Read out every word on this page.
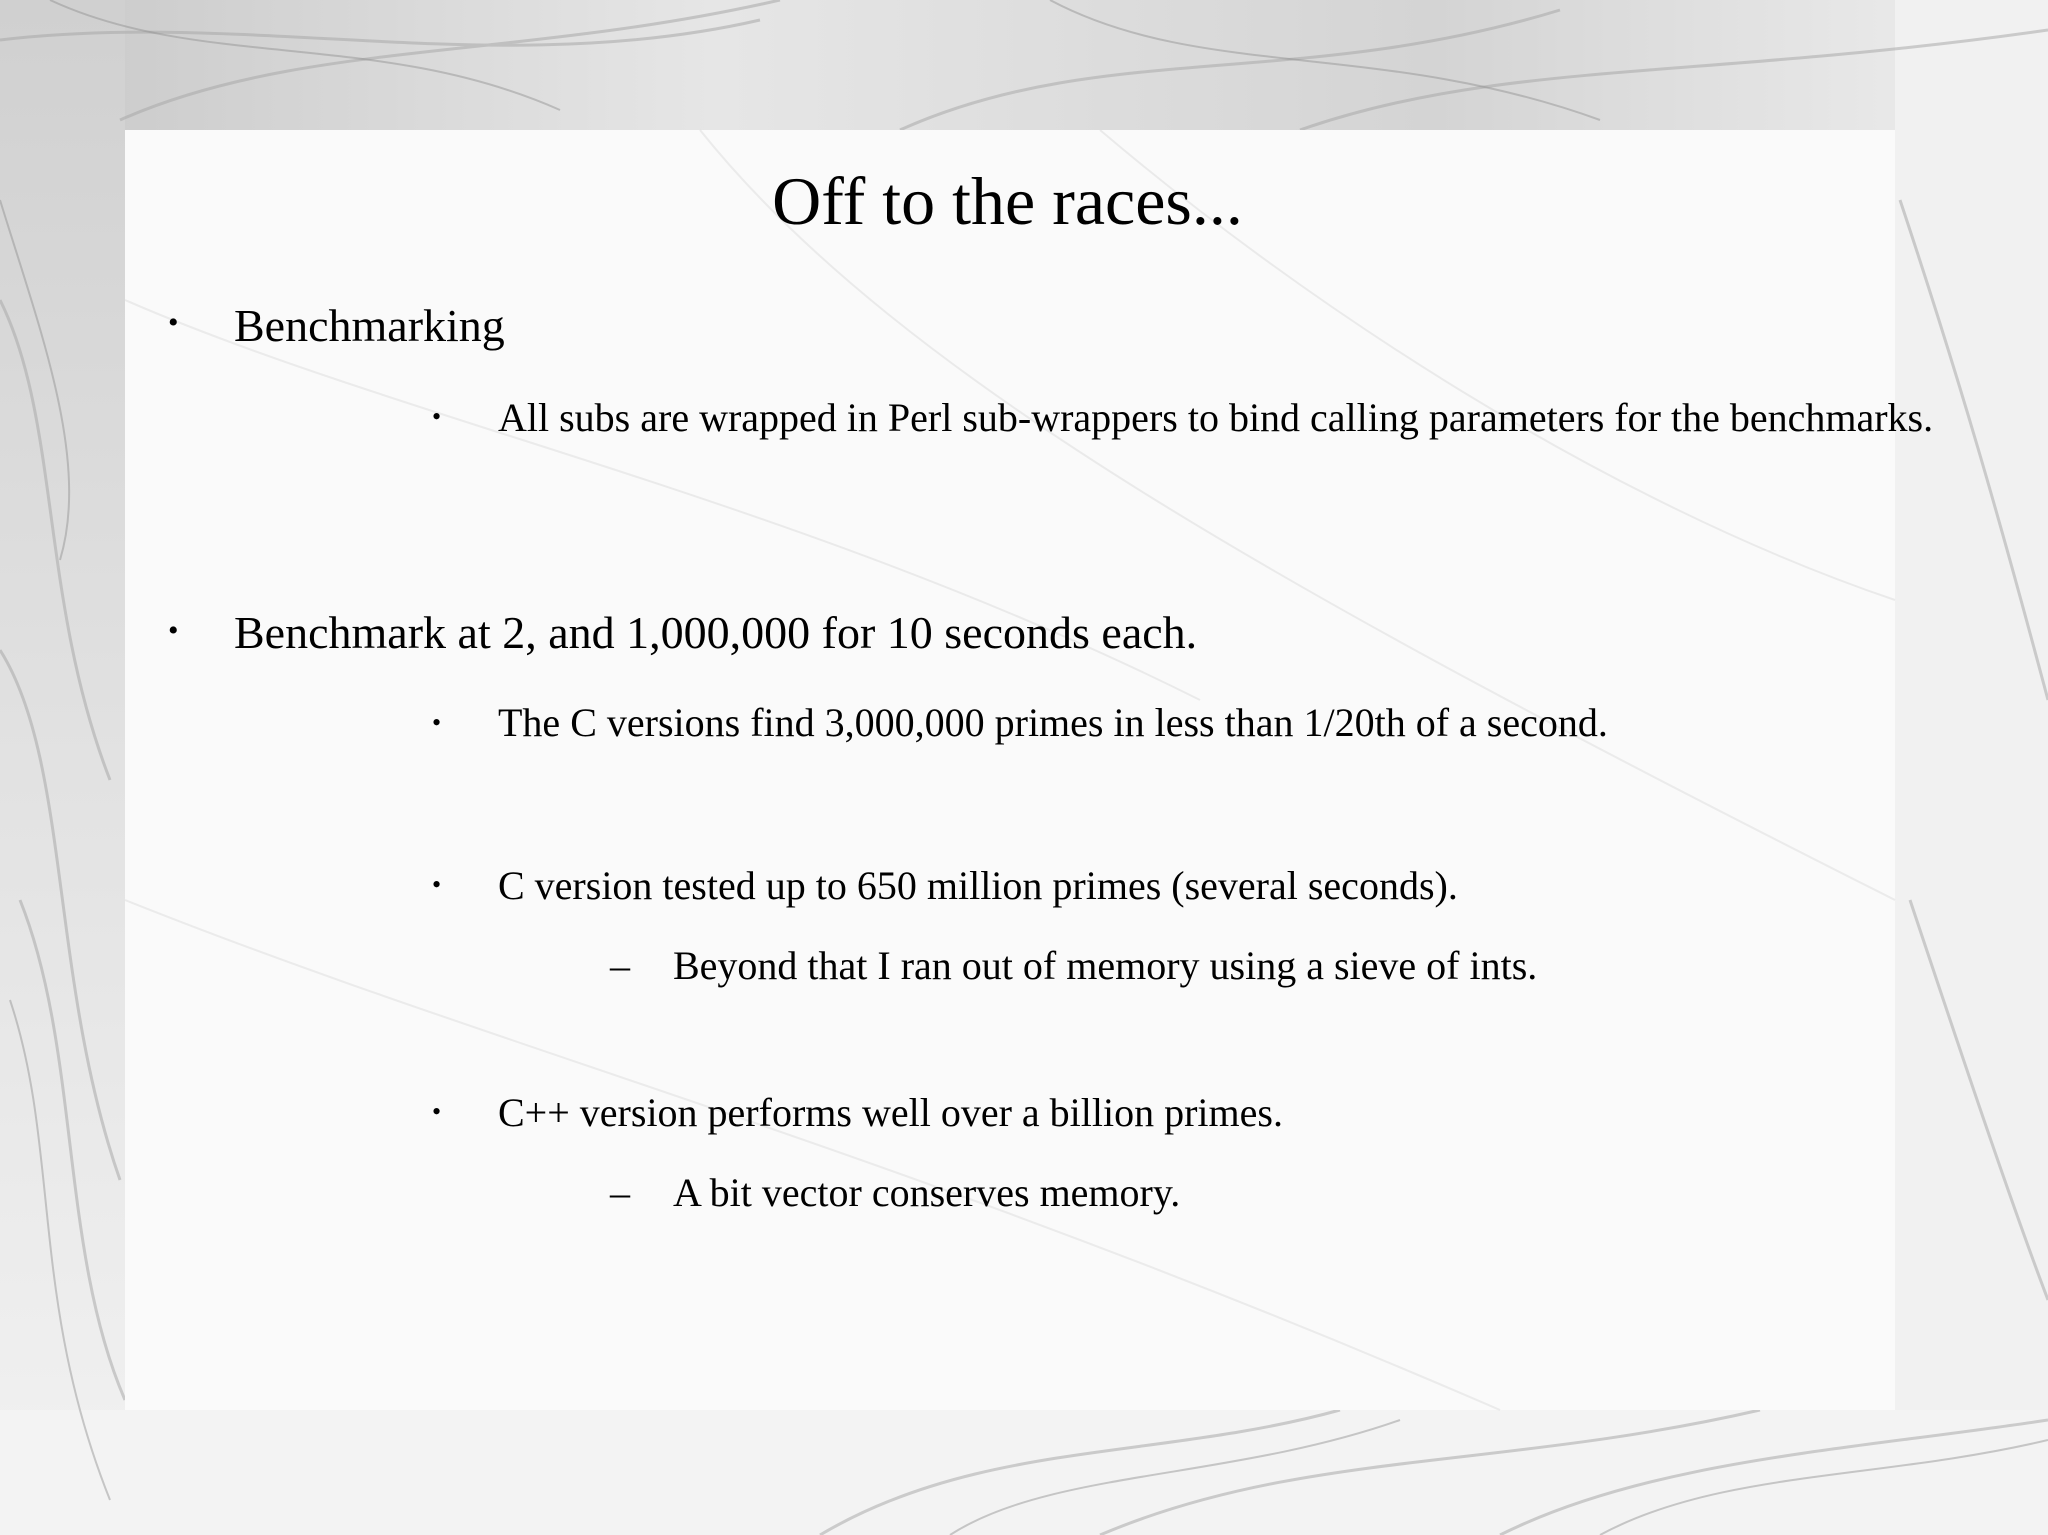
Off to the races...
• Benchmarking
• All subs are wrapped in Perl sub-wrappers to bind calling parameters for the benchmarks.
• Benchmark at 2, and 1,000,000 for 10 seconds each.
• The C versions find 3,000,000 primes in less than 1/20th of a second.
• C version tested up to 650 million primes (several seconds).
– Beyond that I ran out of memory using a sieve of ints.
• C++ version performs well over a billion primes.
– A bit vector conserves memory.
